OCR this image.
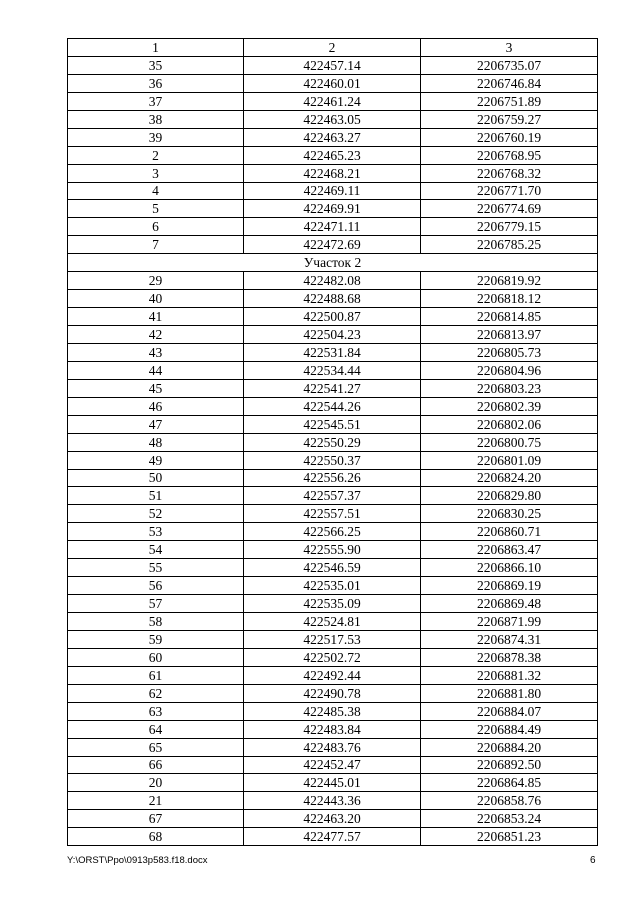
1	2	3
35	422457.14	2206735.07
36	422460.01	2206746.84
37	422461.24	2206751.89
38	422463.05	2206759.27
39	422463.27	2206760.19
2	422465.23	2206768.95
3	422468.21	2206768.32
4	422469.11	2206771.70
5	422469.91	2206774.69
6	422471.11	2206779.15
7	422472.69	2206785.25
Участок 2		
29	422482.08	2206819.92
40	422488.68	2206818.12
41	422500.87	2206814.85
42	422504.23	2206813.97
43	422531.84	2206805.73
44	422534.44	2206804.96
45	422541.27	2206803.23
46	422544.26	2206802.39
47	422545.51	2206802.06
48	422550.29	2206800.75
49	422550.37	2206801.09
50	422556.26	2206824.20
51	422557.37	2206829.80
52	422557.51	2206830.25
53	422566.25	2206860.71
54	422555.90	2206863.47
55	422546.59	2206866.10
56	422535.01	2206869.19
57	422535.09	2206869.48
58	422524.81	2206871.99
59	422517.53	2206874.31
60	422502.72	2206878.38
61	422492.44	2206881.32
62	422490.78	2206881.80
63	422485.38	2206884.07
64	422483.84	2206884.49
65	422483.76	2206884.20
66	422452.47	2206892.50
20	422445.01	2206864.85
21	422443.36	2206858.76
67	422463.20	2206853.24
68	422477.57	2206851.23
Y:\ORST\Ppo\0913p583.f18.docx	6
